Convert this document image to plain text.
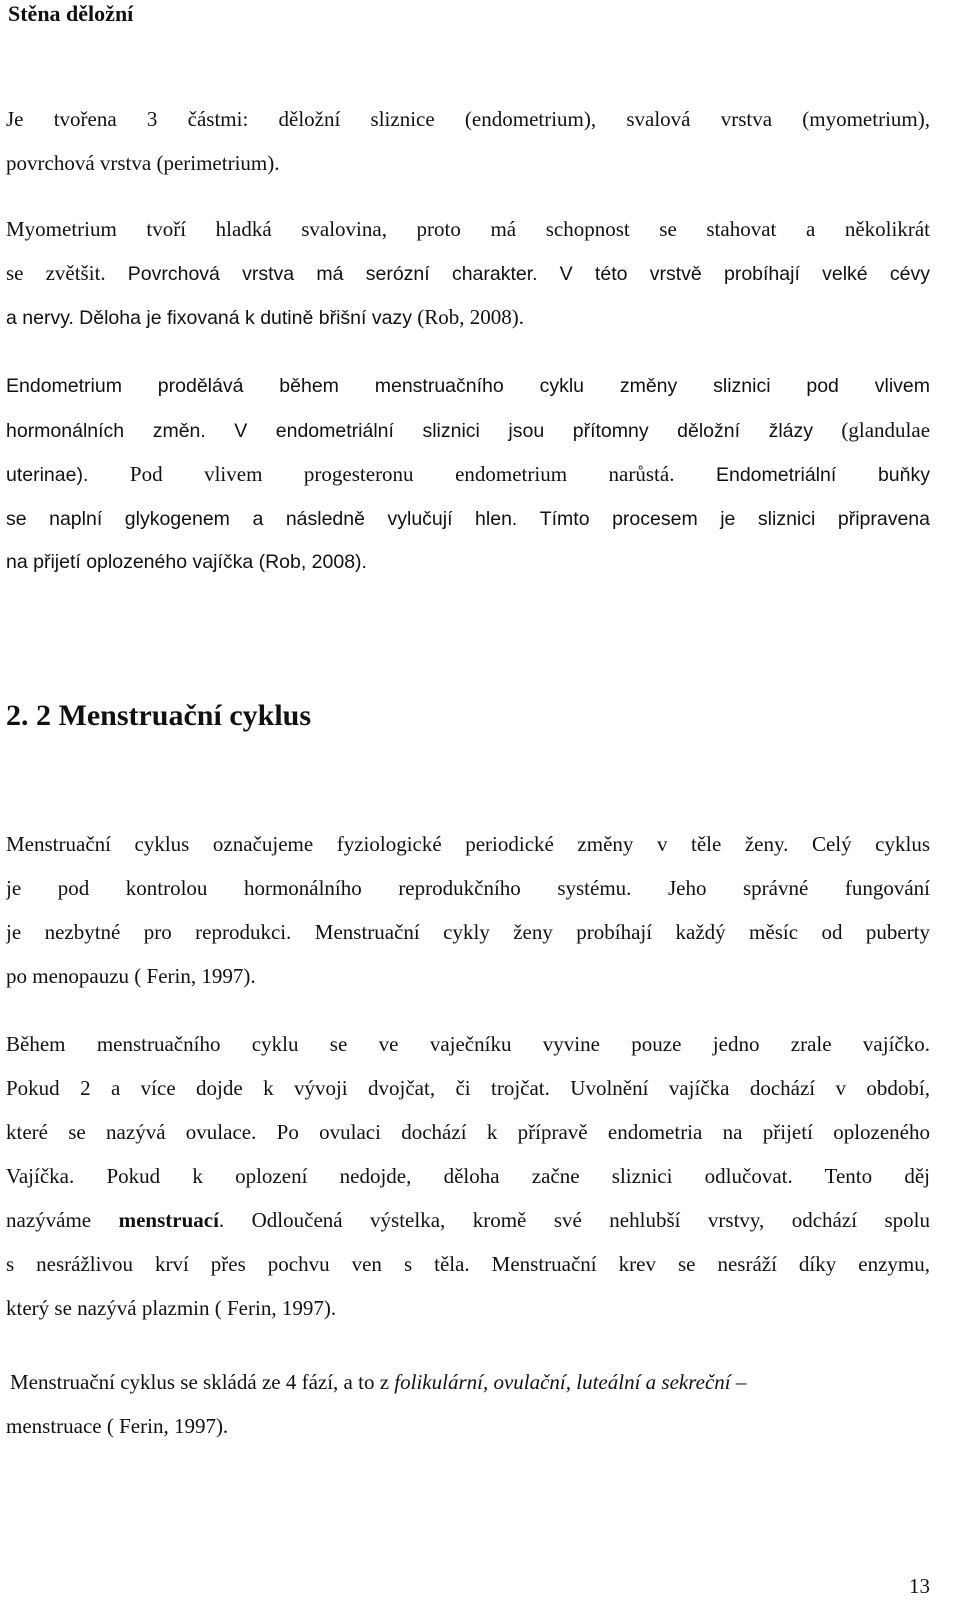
Stěna děložní
Je tvořena 3 částmi: děložní sliznice (endometrium), svalová vrstva (myometrium),
povrchová vrstva (perimetrium).
Myometrium tvoří hladká svalovina, proto má schopnost se stahovat a několikrát
se zvětšit. Povrchová vrstva má serózní charakter. V této vrstvě probíhají velké cévy
a nervy. Děloha je fixovaná k dutině břišní vazy (Rob, 2008).
Endometrium prodělává během menstruačního cyklu změny sliznici pod vlivem
hormonálních změn. V endometriální sliznici jsou přítomny děložní žlázy (glandulae
uterinae). Pod vlivem progesteronu endometrium narůstá. Endometriální buňky
se naplní glykogenem a následně vylučují hlen. Tímto procesem je sliznici připravena
na přijetí oplozeného vajíčka (Rob, 2008).
2. 2 Menstruační cyklus
Menstruační cyklus označujeme fyziologické periodické změny v těle ženy. Celý cyklus
je pod kontrolou hormonálního reprodukčního systému. Jeho správné fungování
je nezbytné pro reprodukci. Menstruační cykly ženy probíhají každý měsíc od puberty
po menopauzu ( Ferin, 1997).
Během menstruačního cyklu se ve vaječníku vyvine pouze jedno zrale vajíčko.
Pokud 2 a více dojde k vývoji dvojčat, či trojčat. Uvolnění vajíčka dochází v období,
které se nazývá ovulace. Po ovulaci dochází k přípravě endometria na přijetí oplozeného
Vajíčka. Pokud k oplození nedojde, děloha začne sliznici odlučovat. Tento děj
nazýváme menstruací. Odloučená výstelka, kromě své nehlubší vrstvy, odchází spolu
s nesrážlivou krví přes pochvu ven s těla. Menstruační krev se nesráží díky enzymu,
který se nazývá plazmin ( Ferin, 1997).
Menstruační cyklus se skládá ze 4 fází, a to z folikulární, ovulační, luteální a sekreční –
menstruace ( Ferin, 1997).
13
